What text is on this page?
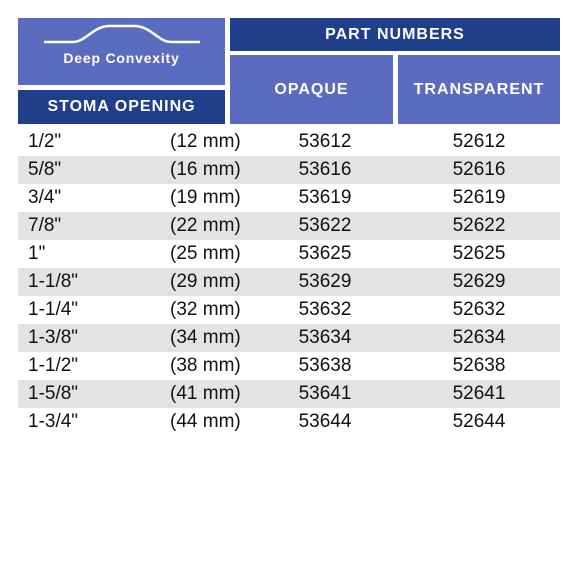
Deep Convexity
STOMA OPENING
PART NUMBERS
OPAQUE	TRANSPARENT
1/2"	(12 mm)	53612	52612
5/8"	(16 mm)	53616	52616
3/4"	(19 mm)	53619	52619
7/8"	(22 mm)	53622	52622
1"	(25 mm)	53625	52625
1-1/8"	(29 mm)	53629	52629
1-1/4"	(32 mm)	53632	52632
1-3/8"	(34 mm)	53634	52634
1-1/2"	(38 mm)	53638	52638
1-5/8"	(41 mm)	53641	52641
1-3/4"	(44 mm)	53644	52644
